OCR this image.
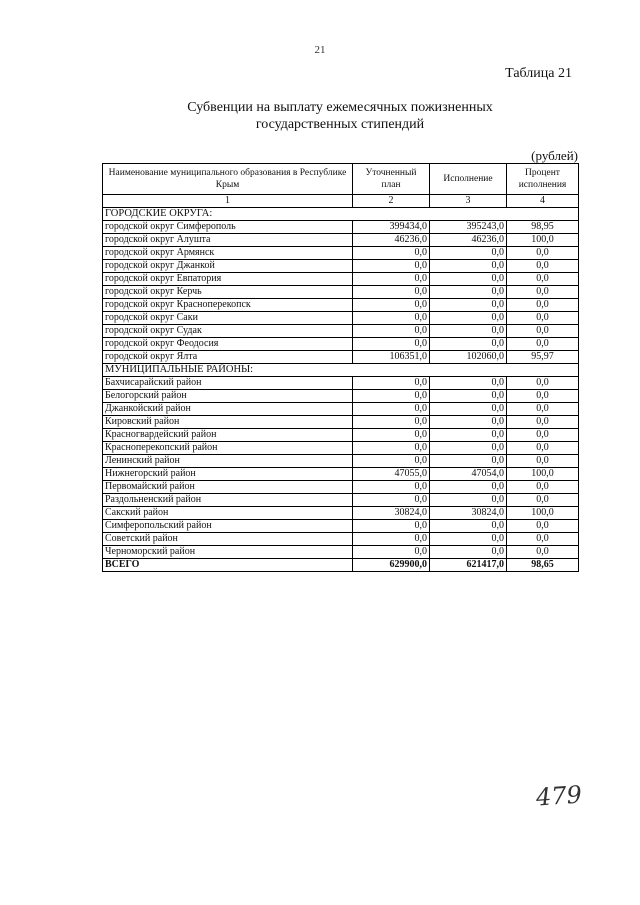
21
Таблица 21
Субвенции на выплату ежемесячных пожизненных
государственных стипендий
(рублей)
Наименование муниципального образования в Республике Крым	Уточненный план	Исполнение	Процент исполнения
1	2	3	4
ГОРОДСКИЕ ОКРУГА:			
городской округ Симферополь	399434,0	395243,0	98,95
городской округ Алушта	46236,0	46236,0	100,0
городской округ Армянск	0,0	0,0	0,0
городской округ Джанкой	0,0	0,0	0,0
городской округ Евпатория	0,0	0,0	0,0
городской округ Керчь	0,0	0,0	0,0
городской округ Красноперекопск	0,0	0,0	0,0
городской округ Саки	0,0	0,0	0,0
городской округ Судак	0,0	0,0	0,0
городской округ Феодосия	0,0	0,0	0,0
городской округ Ялта	106351,0	102060,0	95,97
МУНИЦИПАЛЬНЫЕ РАЙОНЫ:			
Бахчисарайский район	0,0	0,0	0,0
Белогорский район	0,0	0,0	0,0
Джанкойский район	0,0	0,0	0,0
Кировский район	0,0	0,0	0,0
Красногвардейский район	0,0	0,0	0,0
Красноперекопский район	0,0	0,0	0,0
Ленинский район	0,0	0,0	0,0
Нижнегорский район	47055,0	47054,0	100,0
Первомайский район	0,0	0,0	0,0
Раздольненский район	0,0	0,0	0,0
Сакский район	30824,0	30824,0	100,0
Симферопольский район	0,0	0,0	0,0
Советский район	0,0	0,0	0,0
Черноморский район	0,0	0,0	0,0
ВСЕГО	629900,0	621417,0	98,65
479
